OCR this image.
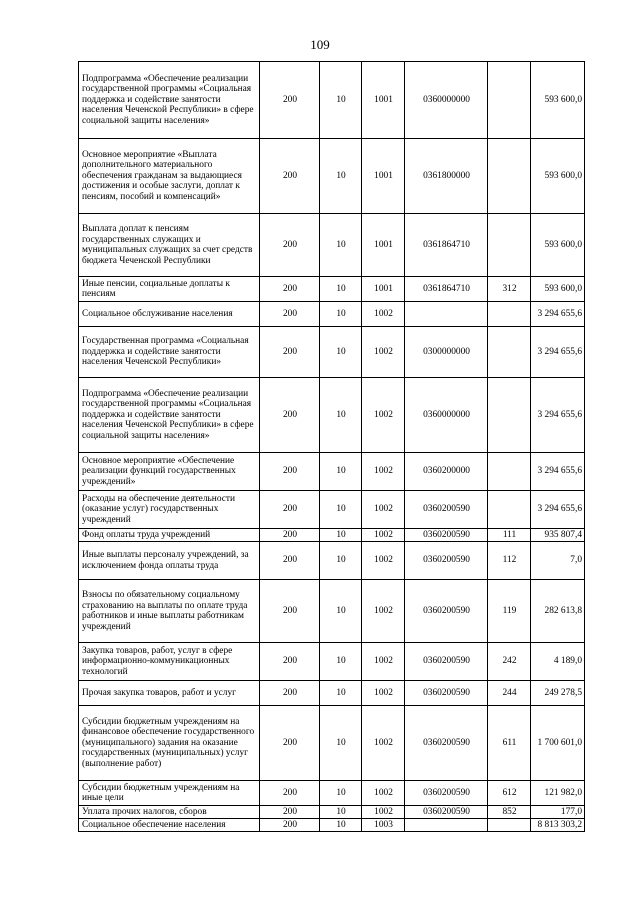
109
Подпрограмма «Обеспечение реализации государственной программы «Социальная поддержка и содействие занятости населения Чеченской Республики» в сфере социальной защиты населения»	200	10	1001	0360000000		593 600,0
Основное мероприятие «Выплата дополнительного материального обеспечения гражданам за выдающиеся достижения и особые заслуги, доплат к пенсиям, пособий и компенсаций»	200	10	1001	0361800000		593 600,0
Выплата доплат к пенсиям государственных служащих и муниципальных служащих за счет средств бюджета Чеченской Республики	200	10	1001	0361864710		593 600,0
Иные пенсии, социальные доплаты к пенсиям	200	10	1001	0361864710	312	593 600,0
Социальное обслуживание населения	200	10	1002			3 294 655,6
Государственная программа «Социальная поддержка и содействие занятости населения Чеченской Республики»	200	10	1002	0300000000		3 294 655,6
Подпрограмма «Обеспечение реализации государственной программы «Социальная поддержка и содействие занятости населения Чеченской Республики» в сфере социальной защиты населения»	200	10	1002	0360000000		3 294 655,6
Основное мероприятие «Обеспечение реализации функций государственных учреждений»	200	10	1002	0360200000		3 294 655,6
Расходы на обеспечение деятельности (оказание услуг) государственных учреждений	200	10	1002	0360200590		3 294 655,6
Фонд оплаты труда учреждений	200	10	1002	0360200590	111	935 807,4
Иные выплаты персоналу учреждений, за исключением фонда оплаты труда	200	10	1002	0360200590	112	7,0
Взносы по обязательному социальному страхованию на выплаты по оплате труда работников и иные выплаты работникам учреждений	200	10	1002	0360200590	119	282 613,8
Закупка товаров, работ, услуг в сфере информационно-коммуникационных технологий	200	10	1002	0360200590	242	4 189,0
Прочая закупка товаров, работ и услуг	200	10	1002	0360200590	244	249 278,5
Субсидии бюджетным учреждениям на финансовое обеспечение государственного (муниципального) задания на оказание государственных (муниципальных) услуг (выполнение работ)	200	10	1002	0360200590	611	1 700 601,0
Субсидии бюджетным учреждениям на иные цели	200	10	1002	0360200590	612	121 982,0
Уплата прочих налогов, сборов	200	10	1002	0360200590	852	177,0
Социальное обеспечение населения	200	10	1003			8 813 303,2
